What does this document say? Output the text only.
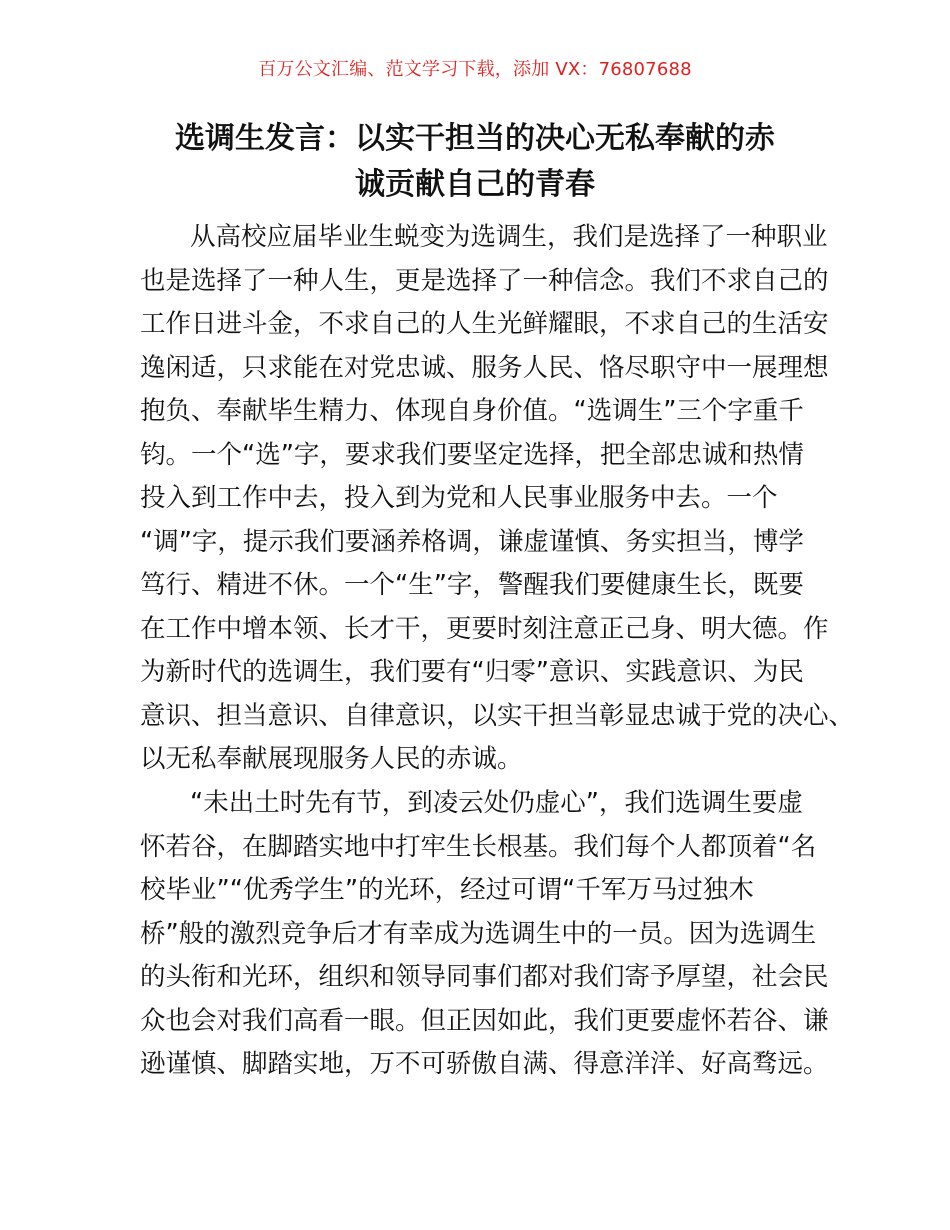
百万公文汇编、范文学习下载，添加 VX：76807688
选调生发言：以实干担当的决心无私奉献的赤
诚贡献自己的青春

从高校应届毕业生蜕变为选调生，我们是选择了一种职业
也是选择了一种人生，更是选择了一种信念。我们不求自己的
工作日进斗金，不求自己的人生光鲜耀眼，不求自己的生活安
逸闲适，只求能在对党忠诚、服务人民、恪尽职守中一展理想
抱负、奉献毕生精力、体现自身价值。“选调生”三个字重千
钧。一个“选”字，要求我们要坚定选择，把全部忠诚和热情
投入到工作中去，投入到为党和人民事业服务中去。一个
“调”字，提示我们要涵养格调，谦虚谨慎、务实担当，博学
笃行、精进不休。一个“生”字，警醒我们要健康生长，既要
在工作中增本领、长才干，更要时刻注意正己身、明大德。作
为新时代的选调生，我们要有“归零”意识、实践意识、为民
意识、担当意识、自律意识，以实干担当彰显忠诚于党的决心、
以无私奉献展现服务人民的赤诚。

“未出土时先有节，到凌云处仍虚心”，我们选调生要虚
怀若谷，在脚踏实地中打牢生长根基。我们每个人都顶着“名
校毕业”“优秀学生”的光环，经过可谓“千军万马过独木
桥”般的激烈竞争后才有幸成为选调生中的一员。因为选调生
的头衔和光环，组织和领导同事们都对我们寄予厚望，社会民
众也会对我们高看一眼。但正因如此，我们更要虚怀若谷、谦
逊谨慎、脚踏实地，万不可骄傲自满、得意洋洋、好高骛远。
